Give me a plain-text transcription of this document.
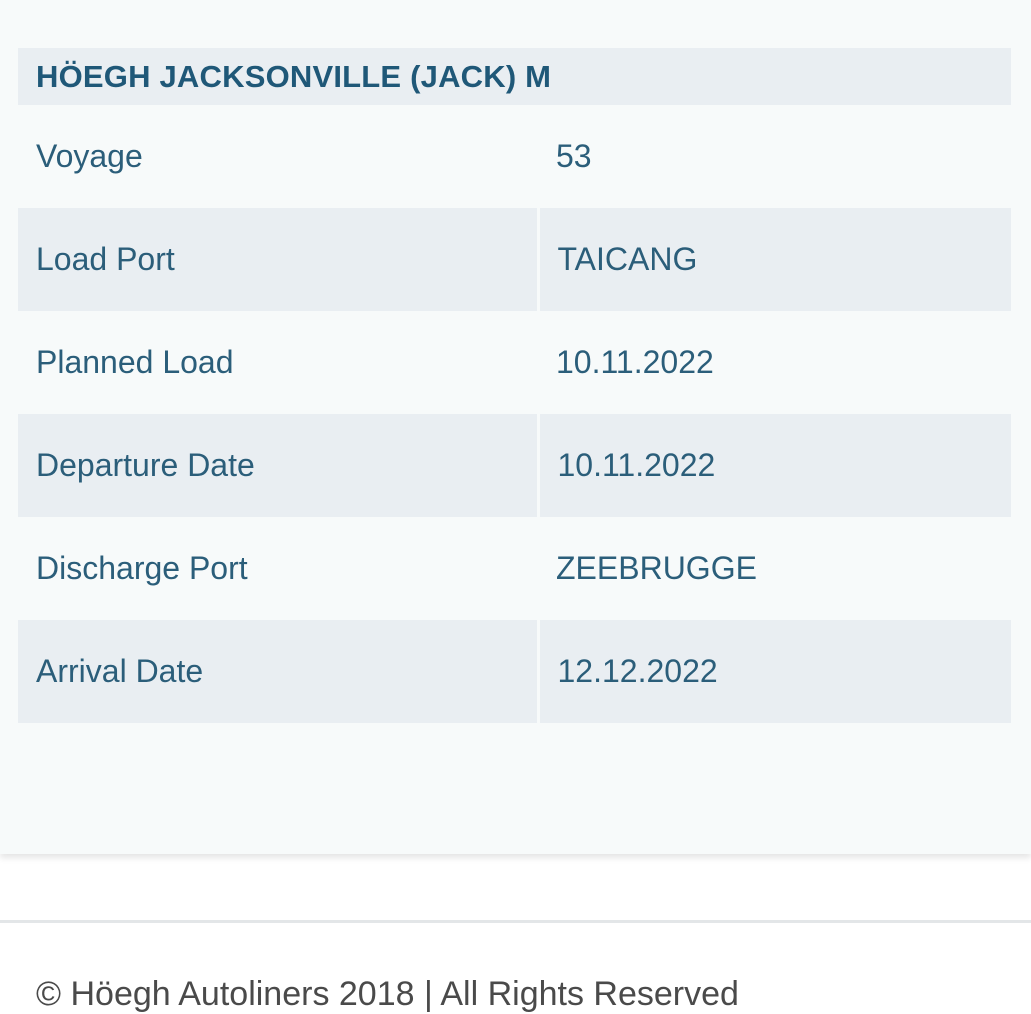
HÖEGH JACKSONVILLE (JACK) M
Voyage	53
Load Port	TAICANG
Planned Load	10.11.2022
Departure Date	10.11.2022
Discharge Port	ZEEBRUGGE
Arrival Date	12.12.2022
© Höegh Autoliners 2018 | All Rights Reserved
